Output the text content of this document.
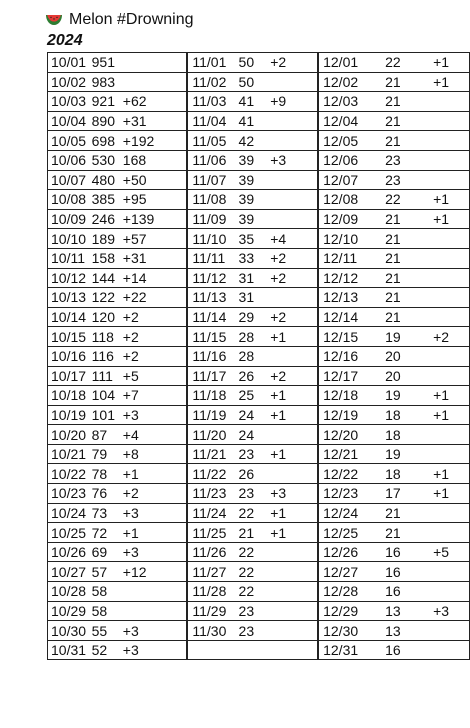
Melon #Drowning
2024
10/01	951	
10/02	983	
10/03	921	+62
10/04	890	+31
10/05	698	+192
10/06	530	168
10/07	480	+50
10/08	385	+95
10/09	246	+139
10/10	189	+57
10/11	158	+31
10/12	144	+14
10/13	122	+22
10/14	120	+2
10/15	118	+2
10/16	116	+2
10/17	111	+5
10/18	104	+7
10/19	101	+3
10/20	87	+4
10/21	79	+8
10/22	78	+1
10/23	76	+2
10/24	73	+3
10/25	72	+1
10/26	69	+3
10/27	57	+12
10/28	58	
10/29	58	
10/30	55	+3
10/31	52	+3
11/01	50	+2
11/02	50	
11/03	41	+9
11/04	41	
11/05	42	
11/06	39	+3
11/07	39	
11/08	39	
11/09	39	
11/10	35	+4
11/11	33	+2
11/12	31	+2
11/13	31	
11/14	29	+2
11/15	28	+1
11/16	28	
11/17	26	+2
11/18	25	+1
11/19	24	+1
11/20	24	
11/21	23	+1
11/22	26	
11/23	23	+3
11/24	22	+1
11/25	21	+1
11/26	22	
11/27	22	
11/28	22	
11/29	23	
11/30	23	

12/01	22	+1
12/02	21	+1
12/03	21	
12/04	21	
12/05	21	
12/06	23	
12/07	23	
12/08	22	+1
12/09	21	+1
12/10	21	
12/11	21	
12/12	21	
12/13	21	
12/14	21	
12/15	19	+2
12/16	20	
12/17	20	
12/18	19	+1
12/19	18	+1
12/20	18	
12/21	19	
12/22	18	+1
12/23	17	+1
12/24	21	
12/25	21	
12/26	16	+5
12/27	16	
12/28	16	
12/29	13	+3
12/30	13	
12/31	16	
